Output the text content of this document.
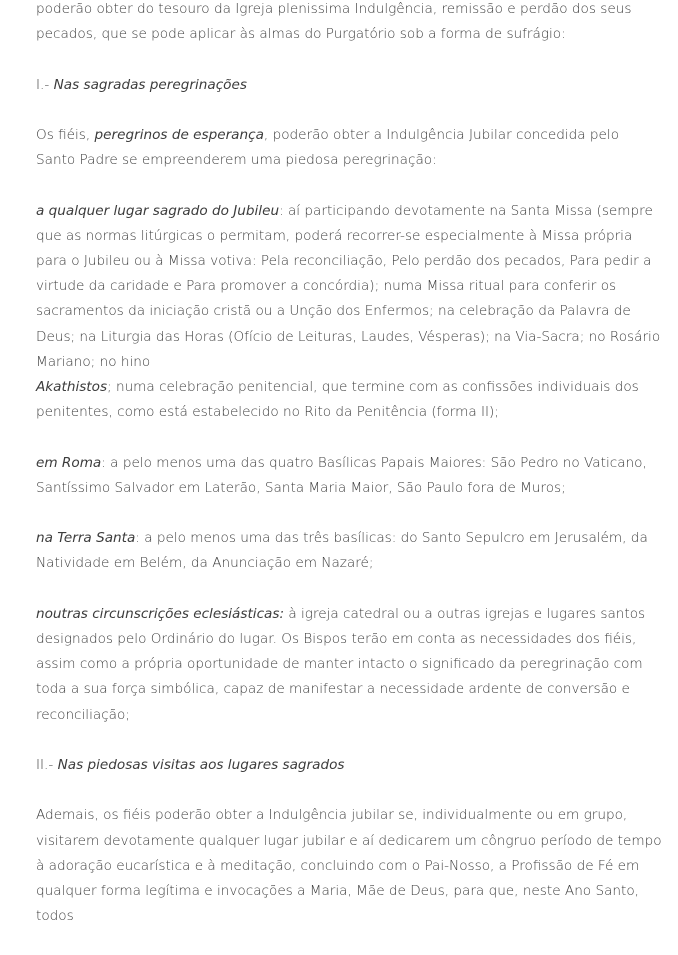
poderão obter do tesouro da Igreja plenissima Indulgência, remissão e perdão dos seus pecados, que se pode aplicar às almas do Purgatório sob a forma de sufrágio:

I.- Nas sagradas peregrinações

Os fiéis, peregrinos de esperança, poderão obter a Indulgência Jubilar concedida pelo Santo Padre se empreenderem uma piedosa peregrinação:

a qualquer lugar sagrado do Jubileu: aí participando devotamente na Santa Missa (sempre que as normas litúrgicas o permitam, poderá recorrer-se especialmente à Missa própria para o Jubileu ou à Missa votiva: Pela reconciliação, Pelo perdão dos pecados, Para pedir a virtude da caridade e Para promover a concórdia); numa Missa ritual para conferir os sacramentos da iniciação cristã ou a Unção dos Enfermos; na celebração da Palavra de Deus; na Liturgia das Horas (Ofício de Leituras, Laudes, Vésperas); na Via-Sacra; no Rosário Mariano; no hino
Akathistos; numa celebração penitencial, que termine com as confissões individuais dos penitentes, como está estabelecido no Rito da Penitência (forma II);

em Roma: a pelo menos uma das quatro Basílicas Papais Maiores: São Pedro no Vaticano, Santíssimo Salvador em Laterão, Santa Maria Maior, São Paulo fora de Muros;

na Terra Santa: a pelo menos uma das três basílicas: do Santo Sepulcro em Jerusalém, da Natividade em Belém, da Anunciação em Nazaré;

noutras circunscrições eclesiásticas: à igreja catedral ou a outras igrejas e lugares santos designados pelo Ordinário do lugar. Os Bispos terão em conta as necessidades dos fiéis, assim como a própria oportunidade de manter intacto o significado da peregrinação com toda a sua força simbólica, capaz de manifestar a necessidade ardente de conversão e reconciliação;

II.- Nas piedosas visitas aos lugares sagrados

Ademais, os fiéis poderão obter a Indulgência jubilar se, individualmente ou em grupo, visitarem devotamente qualquer lugar jubilar e aí dedicarem um côngruo período de tempo à adoração eucarística e à meditação, concluindo com o Pai-Nosso, a Profissão de Fé em qualquer forma legítima e invocações a Maria, Mãe de Deus, para que, neste Ano Santo, todos
